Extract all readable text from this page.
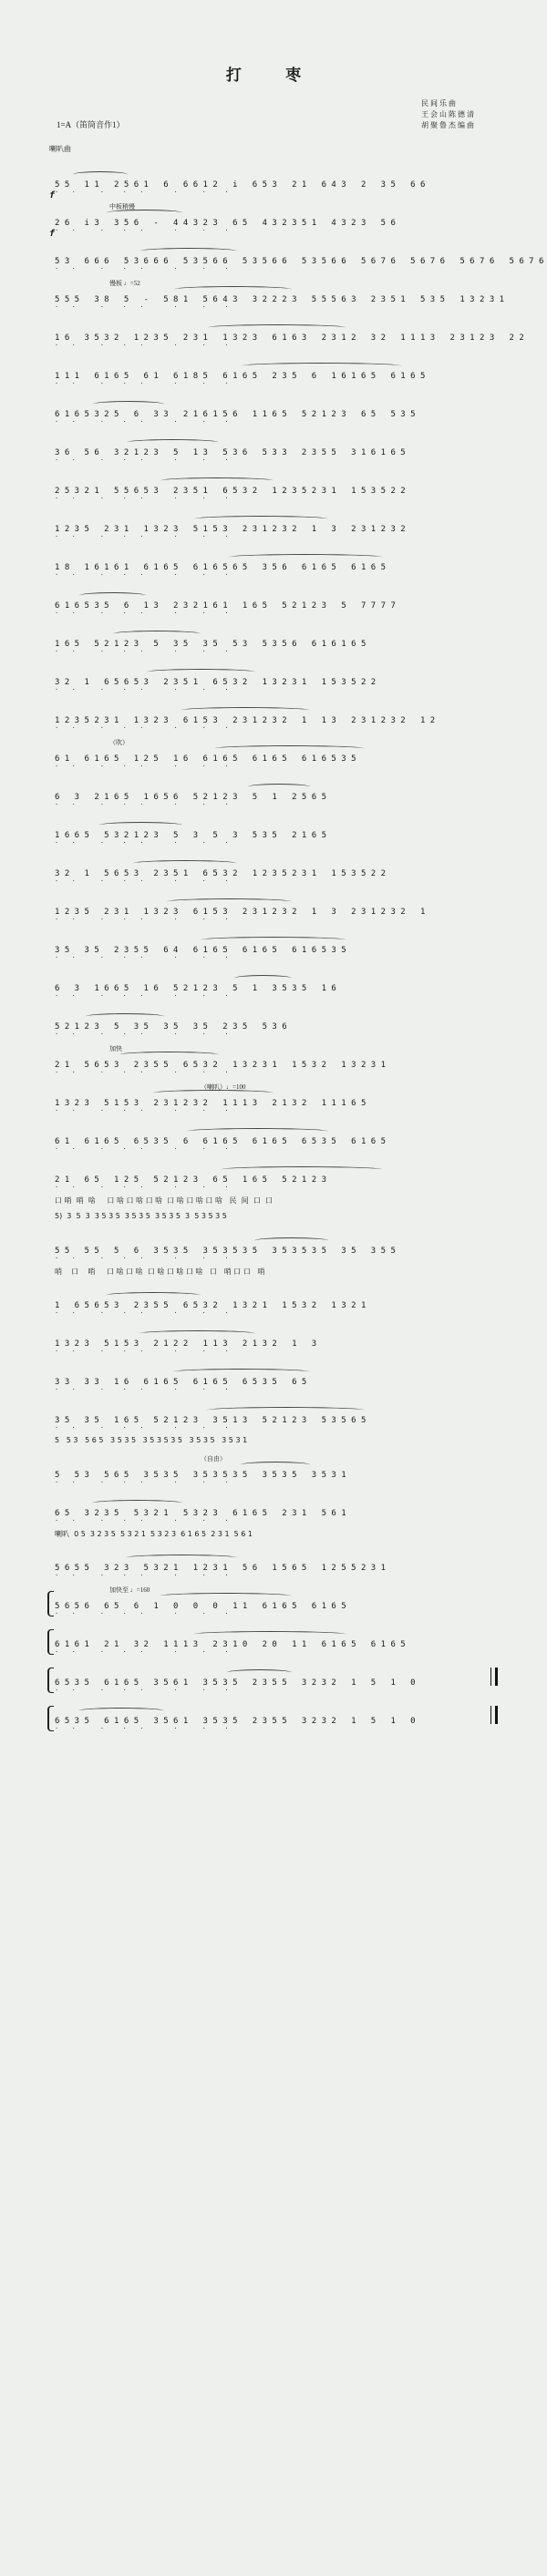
打 枣
民 间 乐 曲
王 会 山 陈 德 清
胡 聚 鲁 杰 编 曲
1=A（笛筒音作1）
喇叭曲
5 5   1 1   2 5 6 1   6   6 6 1 2   i   6 5 3   2 1   6 4 3   2   3 5   6 6
·  ·    ·   ·  ·     ·    ·   ·
f
中板稍慢
2 6   i 3   3 5 6   -   4 4 3 2 3   6 5   4 3 2 3 5 1   4 3 2 3   5 6
·  ·    ·   ·  ·     ·    ·   ·
f
5 3   6 6 6   5 3 6 6 6   5 3 5 6 6   5 3 5 6 6   5 3 5 6 6   5 6 7 6   5 6 7 6   5 6 7 6   5 6 7 6
·  ·    ·   ·  ·     ·    ·   ·
慢板 ♩=52
5 5 5   3 8   5   -   5 8 1   5 6 4 3   3 2 2 2 3   5 5 5 6 3   2 3 5 1   5 3 5   1 3 2 3 1
·  ·    ·   ·  ·     ·    ·   ·
1 6   3 5 3 2   1 2 3 5   2 3 1   1 3 2 3   6 1 6 3   2 3 1 2   3 2   1 1 1 3   2 3 1 2 3   2 2
·  ·    ·   ·  ·     ·    ·   ·
1 1 1   6 1 6 5   6 1   6 1 8 5   6 1 6 5   2 3 5   6   1 6 1 6 5   6 1 6 5
·  ·    ·   ·  ·     ·    ·   ·
6 1 6 5 3 2 5   6   3 3   2 1 6 1 5 6   1 1 6 5   5 2 1 2 3   6 5   5 3 5
·  ·    ·   ·  ·     ·    ·   ·
3 6   5 6   3 2 1 2 3   5   1 3   5 3 6   5 3 3   2 3 5 5   3 1 6 1 6 5
·  ·    ·   ·  ·     ·    ·   ·
2 5 3 2 1   5 5 6 5 3   2 3 5 1   6 5 3 2   1 2 3 5 2 3 1   1 5 3 5 2 2
·  ·    ·   ·  ·     ·    ·   ·
1 2 3 5   2 3 1   1 3 2 3   5 1 5 3   2 3 1 2 3 2   1   3   2 3 1 2 3 2
·  ·    ·   ·  ·     ·    ·   ·
1 8   1 6 1 6 1   6 1 6 5   6 1 6 5 6 5   3 5 6   6 1 6 5   6 1 6 5
·  ·    ·   ·  ·     ·    ·   ·
6 1 6 5 3 5   6   1 3   2 3 2 1 6 1   1 6 5   5 2 1 2 3   5   7 7 7 7
·  ·    ·   ·  ·     ·    ·   ·
1 6 5   5 2 1 2 3   5   3 5   3 5   5 3   5 3 5 6   6 1 6 1 6 5
·  ·    ·   ·  ·     ·    ·   ·
3 2   1   6 5 6 5 3   2 3 5 1   6 5 3 2   1 3 2 3 1   1 5 3 5 2 2
·  ·    ·   ·  ·     ·    ·   ·
1 2 3 5 2 3 1   1 3 2 3   6 1 5 3   2 3 1 2 3 2   1   1 3   2 3 1 2 3 2   1 2
·  ·    ·   ·  ·     ·    ·   ·
（吹）
6 1   6 1 6 5   1 2 5   1 6   6 1 6 5   6 1 6 5   6 1 6 5 3 5
·  ·    ·   ·  ·     ·    ·   ·
6   3   2 1 6 5   1 6 5 6   5 2 1 2 3   5   1   2 5 6 5
·  ·    ·   ·  ·     ·    ·   ·
1 6 6 5   5 3 2 1 2 3   5   3   5   3   5 3 5   2 1 6 5
·  ·    ·   ·  ·     ·    ·   ·
3 2   1   5 6 5 3   2 3 5 1   6 5 3 2   1 2 3 5 2 3 1   1 5 3 5 2 2
·  ·    ·   ·  ·     ·    ·   ·
1 2 3 5   2 3 1   1 3 2 3   6 1 5 3   2 3 1 2 3 2   1   3   2 3 1 2 3 2   1
·  ·    ·   ·  ·     ·    ·   ·
3 5   3 5   2 3 5 5   6 4   6 1 6 5   6 1 6 5   6 1 6 5 3 5
·  ·    ·   ·  ·     ·    ·   ·
6   3   1 6 6 5   1 6   5 2 1 2 3   5   1   3 5 3 5   1 6
·  ·    ·   ·  ·     ·    ·   ·
5 2 1 2 3   5   3 5   3 5   3 5   2 3 5   5 3 6
·  ·    ·   ·  ·     ·    ·   ·
加快
2 1   5 6 5 3   2 3 5 5   6 5 3 2   1 3 2 3 1   1 5 3 2   1 3 2 3 1
·  ·    ·   ·  ·     ·    ·   ·
（喇叭）♩=100
1 3 2 3   5 1 5 3   2 3 1 2 3 2   1 1 1 3   2 1 3 2   1 1 1 6 5
·  ·    ·   ·  ·     ·    ·   ·
6 1   6 1 6 5   6 5 3 5   6   6 1 6 5   6 1 6 5   6 5 3 5   6 1 6 5
·  ·    ·   ·  ·     ·    ·   ·
2 1   6 5   1 2 5   5 2 1 2 3   6 5   1 6 5   5 2 1 2 3
·  ·    ·   ·  ·     ·    ·   ·
口 哨  哨  啥     口 啥 口 啥 口 啥  口 啥 口 啥 口 啥   民  间  口  口
5)  3  5  3  3 5 3 5  3 5 3 5  3 5 3 5  3  5 3 5 3 5
5 5   5 5   5   6   3 5 3 5   3 5 3 5 3 5   3 5 3 5 3 5   3 5   3 5 5
·  ·    ·   ·  ·     ·    ·   ·
哨    口    哨     口 啥 口 啥  口 啥 口 啥 口 啥   口   哨 口 口   哨
1   6 5 6 5 3   2 3 5 5   6 5 3 2   1 3 2 1   1 5 3 2   1 3 2 1
·  ·    ·   ·  ·     ·    ·   ·
1 3 2 3   5 1 5 3   2 1 2 2   1 1 3   2 1 3 2   1   3
·  ·    ·   ·  ·     ·    ·   ·
3 3   3 3   1 6   6 1 6 5   6 1 6 5   6 5 3 5   6 5
·  ·    ·   ·  ·     ·    ·   ·
3 5   3 5   1 6 5   5 2 1 2 3   3 5 1 3   5 2 1 2 3   5 3 5 6 5
·  ·    ·   ·  ·     ·    ·   ·
5   5 3   5 6 5   3 5 3 5   3 5 3 5 3 5   3 5 3 5   3 5 3 1
（自由）
5   5 3   5 6 5   3 5 3 5   3 5 3 5 3 5   3 5 3 5   3 5 3 1
·  ·    ·   ·  ·     ·    ·   ·
6 5   3 2 3 5   5 3 2 1   5 3 2 3   6 1 6 5   2 3 1   5 6 1
·  ·    ·   ·  ·     ·    ·   ·
喇叭  0 5  3 2 3 5  5 3 2 1  5 3 2 3  6 1 6 5  2 3 1  5 6 1
5 6 5 5   3 2 3   5 3 2 1   1 2 3 1   5 6   1 5 6 5   1 2 5 5 2 3 1
·  ·    ·   ·  ·     ·    ·   ·
加快至 ♩=160
5 6 5 6   6 5   6   1   0   0   0   1 1   6 1 6 5   6 1 6 5
·  ·    ·   ·  ·     ·    ·   ·
6 1 6 1   2 1   3 2   1 1 1 3   2 3 1 0   2 0   1 1   6 1 6 5   6 1 6 5
·  ·    ·   ·  ·     ·    ·   ·
6 5 3 5   6 1 6 5   3 5 6 1   3 5 3 5   2 3 5 5   3 2 3 2   1   5   1   0
·  ·    ·   ·  ·     ·    ·   ·
6 5 3 5   6 1 6 5   3 5 6 1   3 5 3 5   2 3 5 5   3 2 3 2   1   5   1   0
·  ·    ·   ·  ·     ·    ·   ·
